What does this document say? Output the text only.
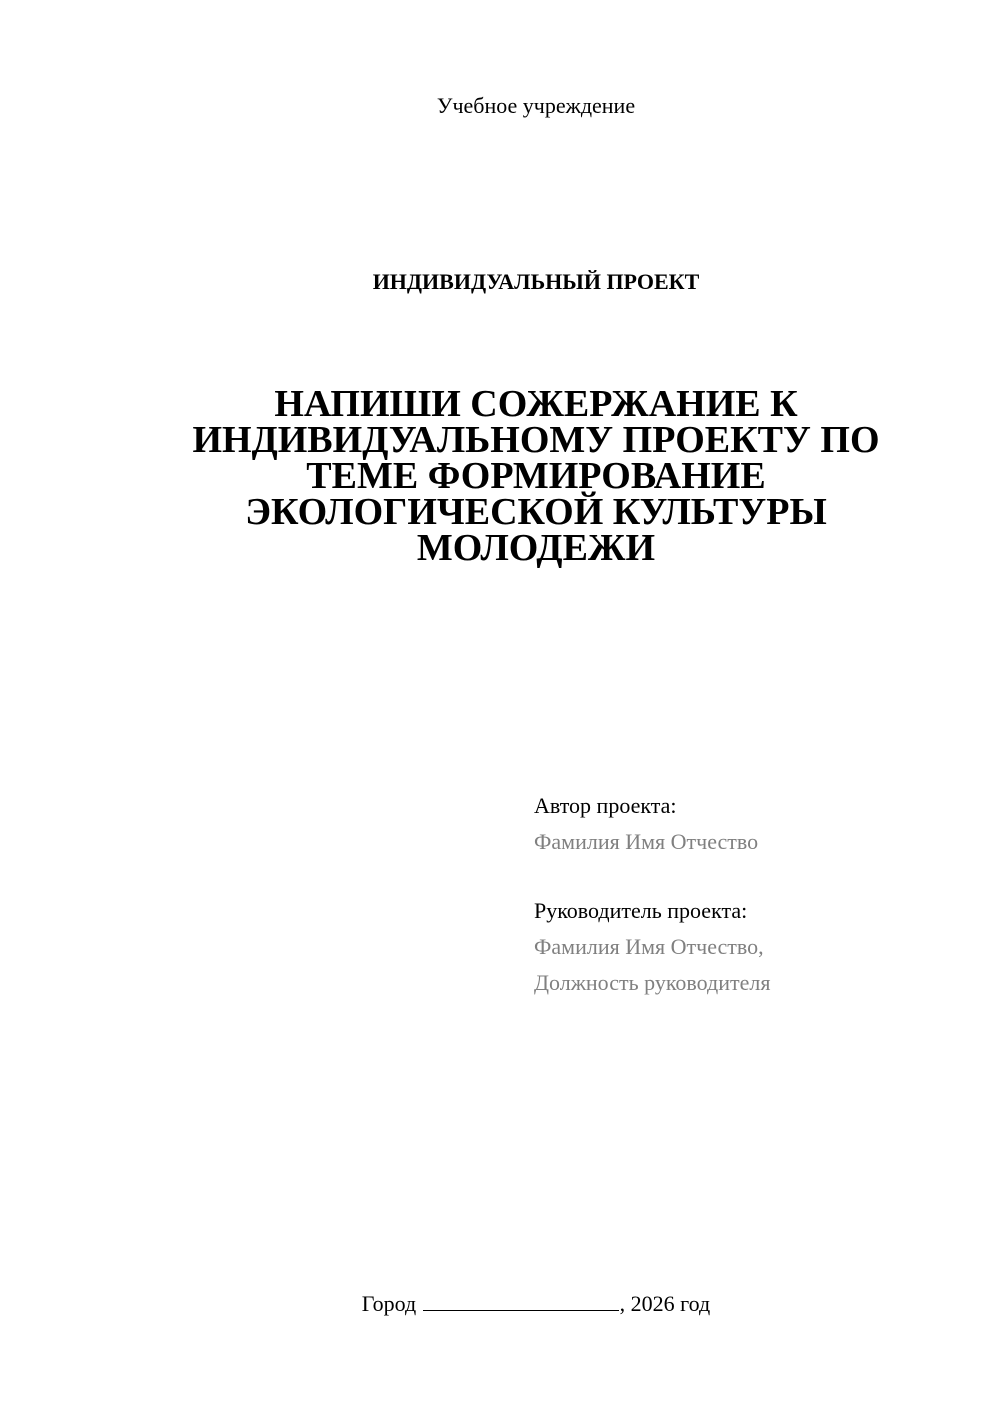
Учебное учреждение
ИНДИВИДУАЛЬНЫЙ ПРОЕКТ
НАПИШИ СОЖЕРЖАНИЕ К
ИНДИВИДУАЛЬНОМУ ПРОЕКТУ ПО
ТЕМЕ ФОРМИРОВАНИЕ
ЭКОЛОГИЧЕСКОЙ КУЛЬТУРЫ
МОЛОДЕЖИ
Автор проекта:
Фамилия Имя Отчество
Руководитель проекта:
Фамилия Имя Отчество,
Должность руководителя
Город	, 2026 год
